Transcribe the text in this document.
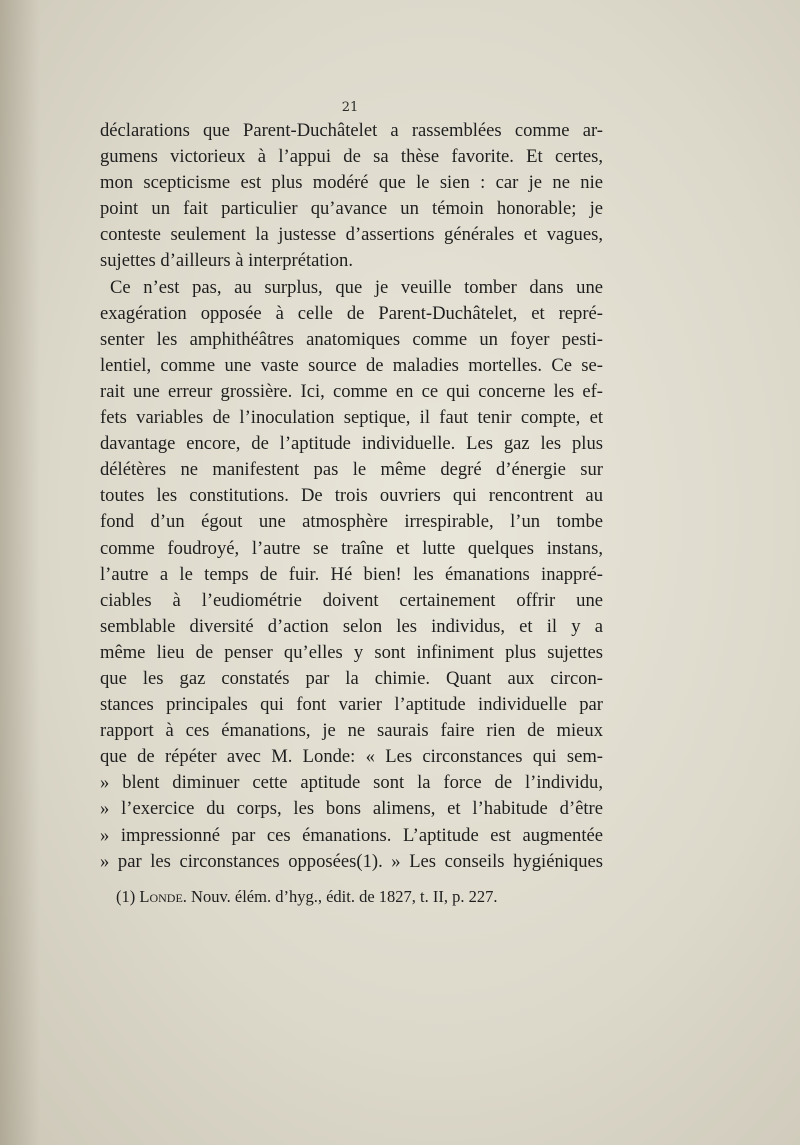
21
déclarations que Parent-Duchâtelet a rassemblées comme ar-
gumens victorieux à l’appui de sa thèse favorite. Et certes,
mon scepticisme est plus modéré que le sien : car je ne nie
point un fait particulier qu’avance un témoin honorable; je
conteste seulement la justesse d’assertions générales et vagues,
sujettes d’ailleurs à interprétation.
Ce n’est pas, au surplus, que je veuille tomber dans une
exagération opposée à celle de Parent-Duchâtelet, et repré-
senter les amphithéâtres anatomiques comme un foyer pesti-
lentiel, comme une vaste source de maladies mortelles. Ce se-
rait une erreur grossière. Ici, comme en ce qui concerne les ef-
fets variables de l’inoculation septique, il faut tenir compte, et
davantage encore, de l’aptitude individuelle. Les gaz les plus
délétères ne manifestent pas le même degré d’énergie sur
toutes les constitutions. De trois ouvriers qui rencontrent au
fond d’un égout une atmosphère irrespirable, l’un tombe
comme foudroyé, l’autre se traîne et lutte quelques instans,
l’autre a le temps de fuir. Hé bien! les émanations inappré-
ciables à l’eudiométrie doivent certainement offrir une
semblable diversité d’action selon les individus, et il y a
même lieu de penser qu’elles y sont infiniment plus sujettes
que les gaz constatés par la chimie. Quant aux circon-
stances principales qui font varier l’aptitude individuelle par
rapport à ces émanations, je ne saurais faire rien de mieux
que de répéter avec M. Londe: « Les circonstances qui sem-
» blent diminuer cette aptitude sont la force de l’individu,
» l’exercice du corps, les bons alimens, et l’habitude d’être
» impressionné par ces émanations. L’aptitude est augmentée
» par les circonstances opposées(1). » Les conseils hygiéniques
(1) Londe. Nouv. élém. d’hyg., édit. de 1827, t. II, p. 227.
